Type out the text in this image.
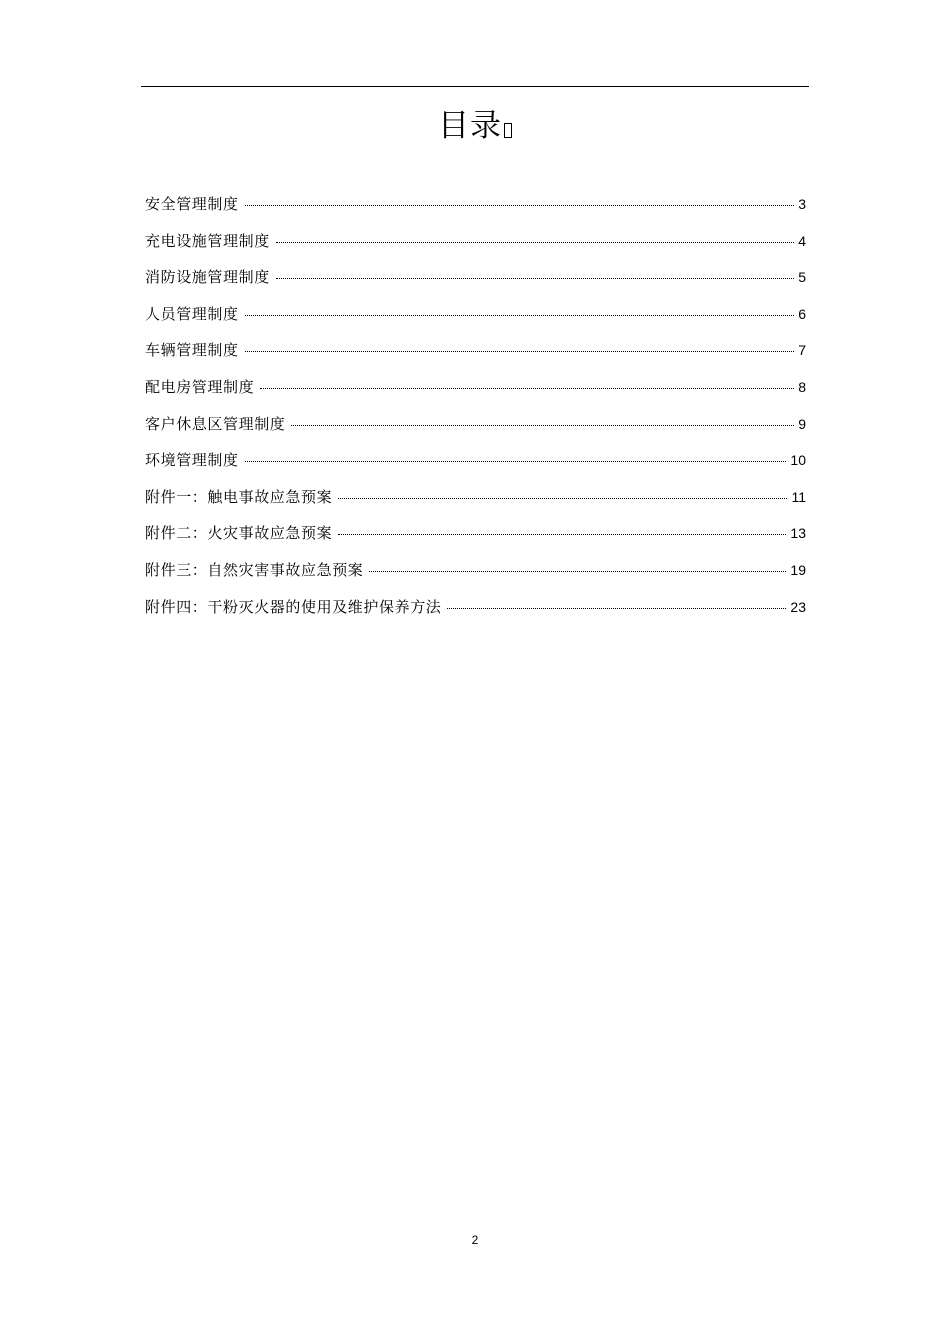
目录
安全管理制度	3
充电设施管理制度	4
消防设施管理制度	5
人员管理制度	6
车辆管理制度	7
配电房管理制度	8
客户休息区管理制度	9
环境管理制度	10
附件一：触电事故应急预案	11
附件二：火灾事故应急预案	13
附件三：自然灾害事故应急预案	19
附件四：干粉灭火器的使用及维护保养方法	23
2
